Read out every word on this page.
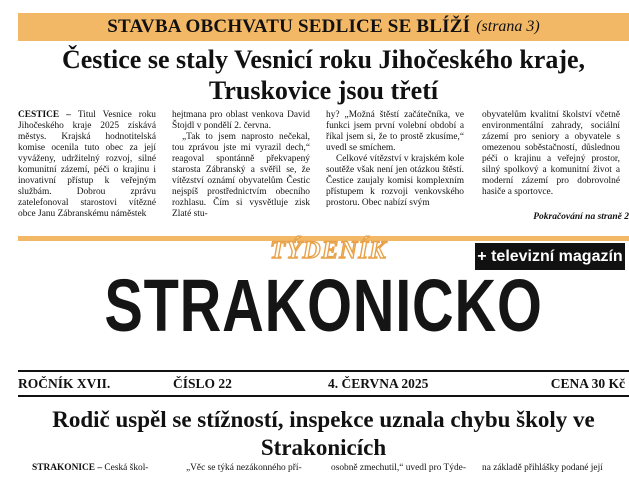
STAVBA OBCHVATU SEDLICE SE BLÍŽÍ (strana 3)
Čestice se staly Vesnicí roku Jihočeského kraje, Truskovice jsou třetí

ČESTICE – Titul Vesnice roku Jihočeského kraje 2025 získává městys. Krajská hodnotitelská komise ocenila tuto obec za její vyváženy, udržitelný rozvoj, silné komunitní zázemí, péči o krajinu i inovativní přístup k veřejným službám. Dobrou zprávu zatelefonoval starostovi vítězné obce Janu Zábranskému náměstek

hejtmana pro oblast venkova David Štojdl v pondělí 2. června.

„Tak to jsem naprosto nečekal, tou zprávou jste mi vyrazil dech,“ reagoval spontánně překvapený starosta Zábranský a svěřil se, že vítězství oznámí obyvatelům Čestic nejspíš prostřednictvím obecního rozhlasu. Čím si vysvětluje zisk Zlaté stu-

hy? „Možná štěstí začátečníka, ve funkci jsem první volební období a říkal jsem si, že to prostě zkusíme,“ uvedl se smíchem.

Celkové vítězství v krajském kole soutěže však není jen otázkou štěstí. Čestice zaujaly komisi komplexním přístupem k rozvoji venkovského prostoru. Obec nabízí svým

obyvatelům kvalitní školství včetně environmentální zahrady, sociální zázemí pro seniory a obyvatele s omezenou soběstačností, důslednou péči o krajinu a veřejný prostor, silný spolkový a komunitní život a moderní zázemí pro dobrovolné hasiče a sportovce.

Pokračování na straně 2
TÝDENÍK	+ televizní magazín
STRAKONICKO
ROČNÍK XVII.	ČÍSLO 22	4. ČERVNA 2025	CENA 30 Kč
Rodič uspěl se stížností, inspekce uznala chybu školy ve Strakonicích
STRAKONICE – Česká škol-	„Věc se týká nezákonného pří-	osobně zmechutil,“ uvedl pro Týde- na základě přihlášky podané její
